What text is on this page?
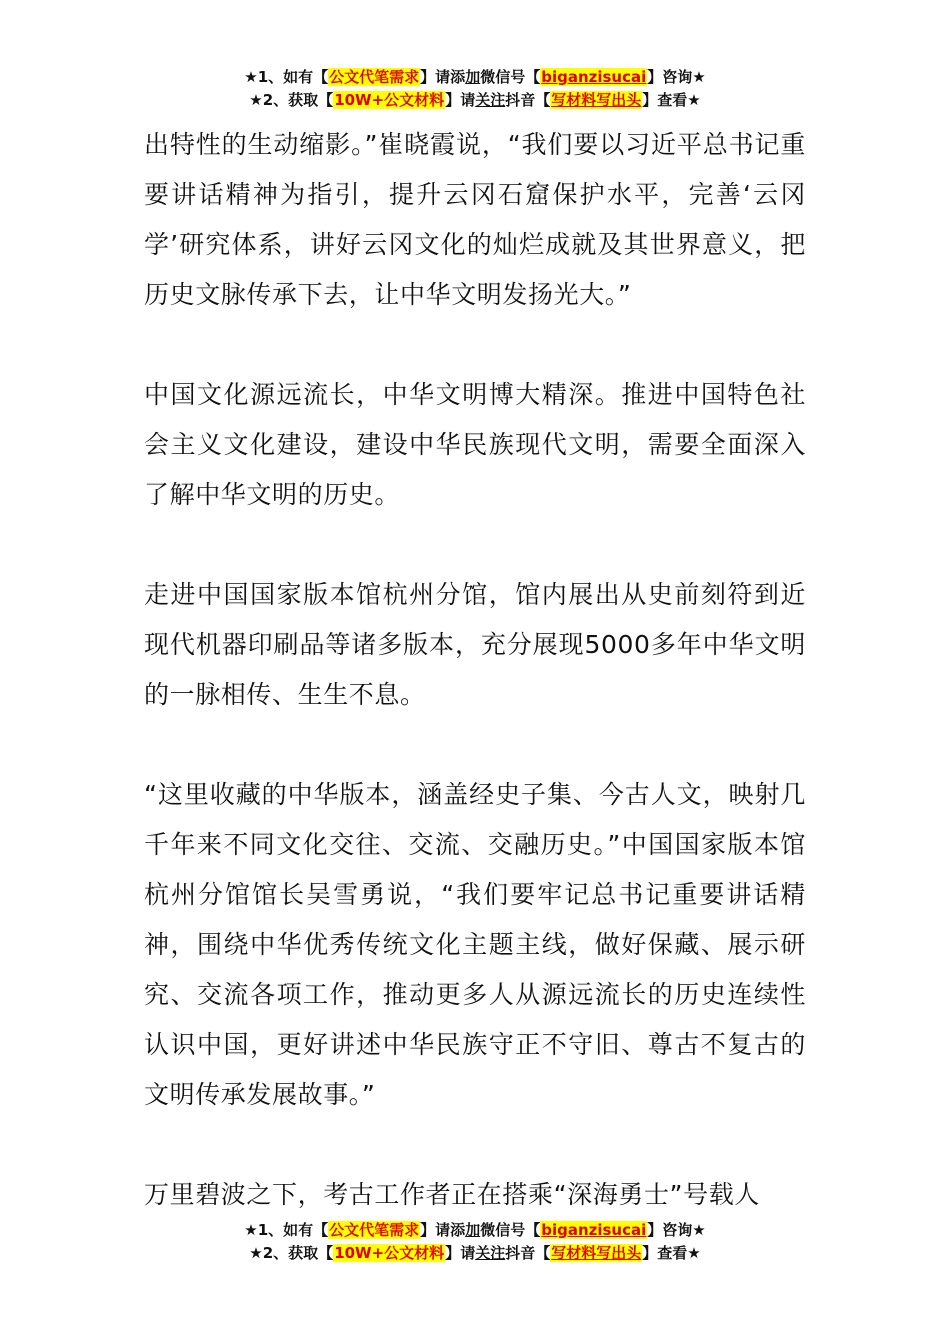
★1、如有【公文代笔需求】请添加微信号【biganzisucai】咨询★
★2、获取【10W+公文材料】请关注抖音【写材料写出头】查看★

出特性的生动缩影。”崔晓霞说，“我们要以习近平总书记重要讲话精神为指引，提升云冈石窟保护水平，完善‘云冈学’研究体系，讲好云冈文化的灿烂成就及其世界意义，把历史文脉传承下去，让中华文明发扬光大。”

中国文化源远流长，中华文明博大精深。推进中国特色社会主义文化建设，建设中华民族现代文明，需要全面深入了解中华文明的历史。

走进中国国家版本馆杭州分馆，馆内展出从史前刻符到近现代机器印刷品等诸多版本，充分展现5000多年中华文明的一脉相传、生生不息。

“这里收藏的中华版本，涵盖经史子集、今古人文，映射几千年来不同文化交往、交流、交融历史。”中国国家版本馆杭州分馆馆长吴雪勇说，“我们要牢记总书记重要讲话精神，围绕中华优秀传统文化主题主线，做好保藏、展示研究、交流各项工作，推动更多人从源远流长的历史连续性认识中国，更好讲述中华民族守正不守旧、尊古不复古的文明传承发展故事。”

万里碧波之下，考古工作者正在搭乘“深海勇士”号载人

★1、如有【公文代笔需求】请添加微信号【biganzisucai】咨询★
★2、获取【10W+公文材料】请关注抖音【写材料写出头】查看★
